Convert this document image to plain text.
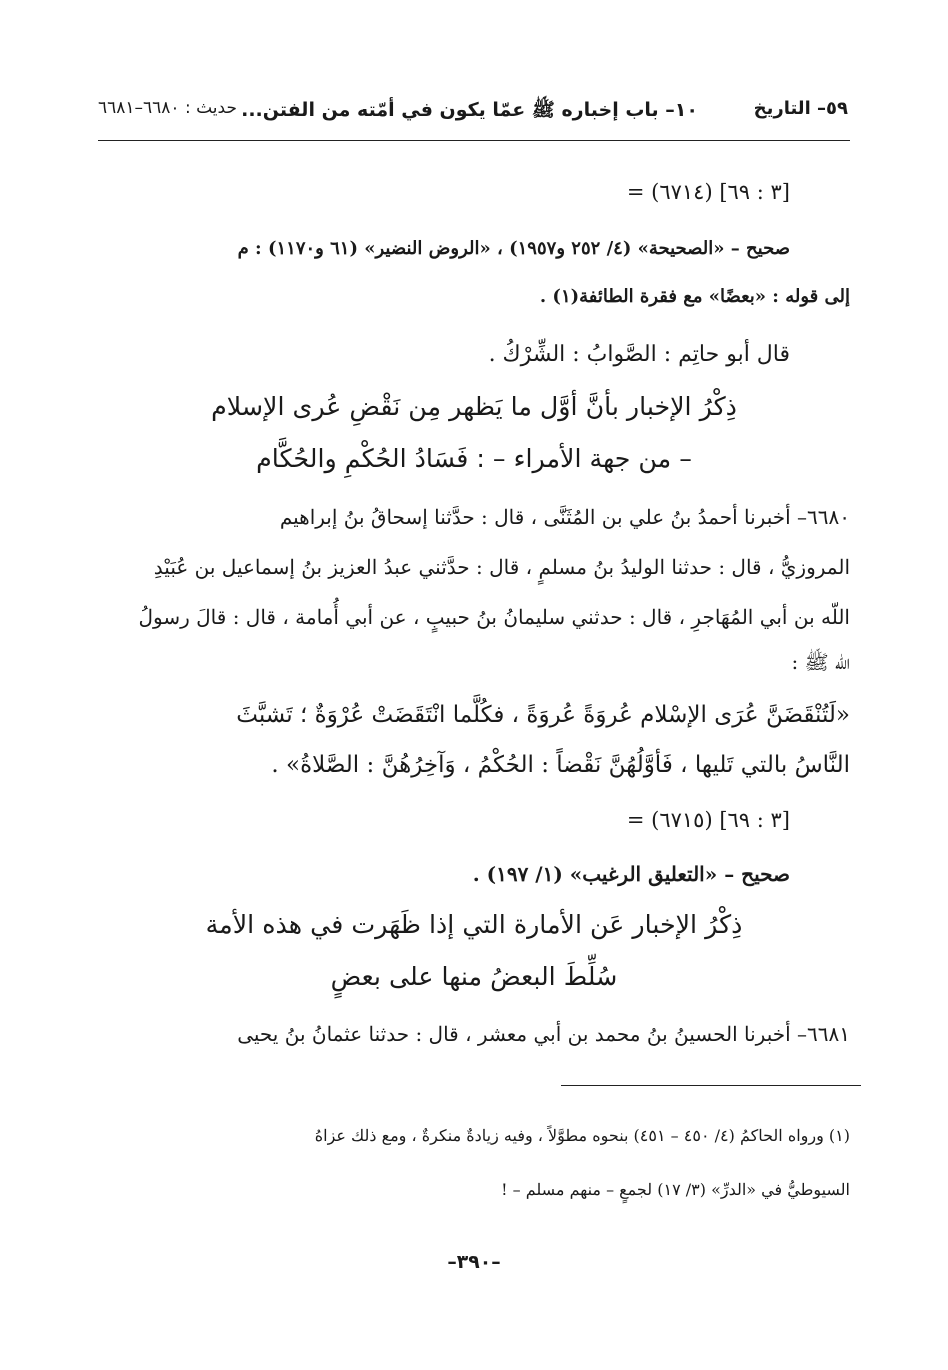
٥٩– التاريخ
١٠– باب إخباره ﷺ عمّا يكون في أمّته من الفتن...
حديث : ٦٦٨٠–٦٦٨١
= (٦٧١٤) [٣ : ٦٩]
صحيح – «الصحيحة» (٤/ ٢٥٢ و١٩٥٧) ، «الروض النضير» (٦١ و١١٧٠) : م
إلى قوله : «بعضًا» مع فقرة الطائفة(١) .
قال أبو حاتِم : الصَّوابُ : الشِّرْكُ .
ذِكْرُ الإخبار بأنَّ أوَّل ما يَظهر مِن نَقْضِ عُرى الإسلام
– من جهة الأمراء – : فَسَادُ الحُكْمِ والحُكَّام
٦٦٨٠– أخبرنا أحمدُ بنُ علي بن المُثَنَّى ، قال : حدَّثنا إسحاقُ بنُ إبراهيم
المروزيُّ ، قال : حدثنا الوليدُ بنُ مسلمٍ ، قال : حدَّثني عبدُ العزيز بنُ إسماعيل بن عُبَيْدِ
اللّه بن أبي المُهَاجرِ ، قال : حدثني سليمانُ بنُ حبيبٍ ، عن أبي أُمامة ، قال : قالَ رسولُ
اللّه ﷺ :
«لَتُنْقَضَنَّ عُرَى الإسْلام عُروَةً عُروَةً ، فكُلَّما انْتَقَضَتْ عُرْوَةٌ ؛ تَشبَّثَ
النَّاسُ بالتي تَليها ، فَأوَّلُهُنَّ نَقْضاً : الحُكْمُ ، وَآخِرُهُنَّ : الصَّلاةُ» .
= (٦٧١٥) [٣ : ٦٩]
صحيح – «التعليق الرغيب» (١/ ١٩٧) .
ذِكْرُ الإخبار عَن الأمارة التي إذا ظَهَرت في هذه الأمة
سُلِّطَ البعضُ منها على بعضٍ
٦٦٨١– أخبرنا الحسينُ بنُ محمد بن أبي معشر ، قال : حدثنا عثمانُ بنُ يحيى
(١) ورواه الحاكمُ (٤/ ٤٥٠ – ٤٥١) بنحوه مطوَّلاً ، وفيه زيادةٌ منكرةٌ ، ومع ذلك عزاهُ
السيوطيُّ في «الدرِّ» (٣/ ١٧) لجمعٍ – منهم مسلم – !
–٣٩٠–
